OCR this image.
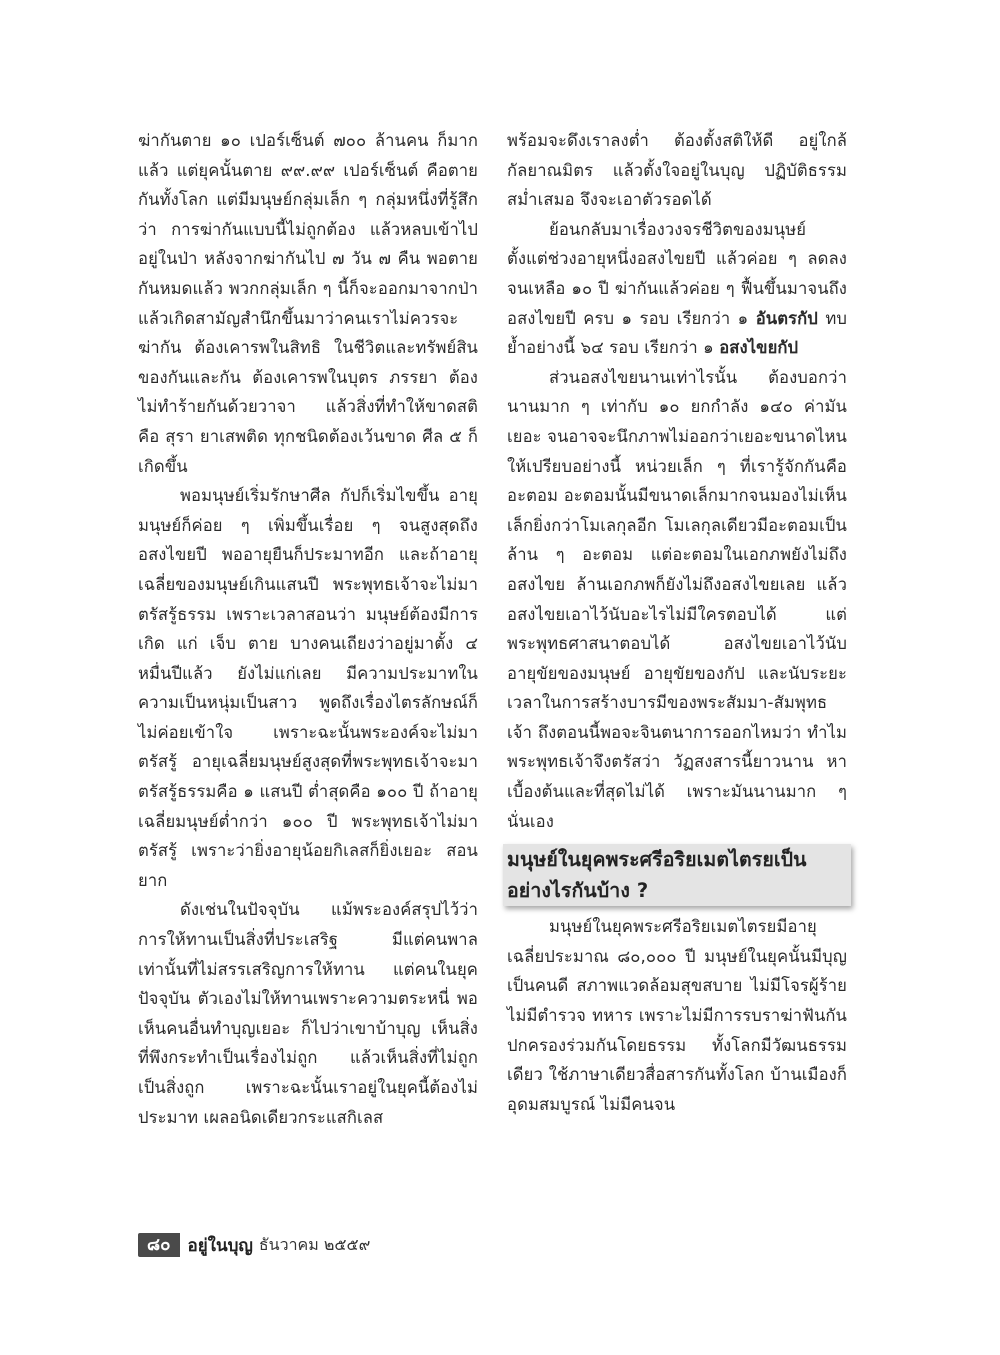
ฆ่ากันตาย ๑๐ เปอร์เซ็นต์ ๗๐๐ ล้านคน ก็มากแล้ว แต่ยุคนั้นตาย ๙๙.๙๙ เปอร์เซ็นต์ คือตายกันทั้งโลก แต่มีมนุษย์กลุ่มเล็ก ๆ กลุ่มหนึ่งที่รู้สึกว่า การฆ่ากันแบบนี้ไม่ถูกต้อง แล้วหลบเข้าไปอยู่ในป่า หลังจากฆ่ากันไป ๗ วัน ๗ คืน พอตายกันหมดแล้ว พวกกลุ่มเล็ก ๆ นี้ก็จะออกมาจากป่า แล้วเกิดสามัญสำนึกขึ้นมาว่าคนเราไม่ควรจะฆ่ากัน ต้องเคารพในสิทธิ ในชีวิตและทรัพย์สินของกันและกัน ต้องเคารพในบุตร ภรรยา ต้องไม่ทำร้ายกันด้วยวาจา แล้วสิ่งที่ทำให้ขาดสติ คือ สุรา ยาเสพติด ทุกชนิดต้องเว้นขาด ศีล ๕ ก็เกิดขึ้น

พอมนุษย์เริ่มรักษาศีล กัปก็เริ่มไขขึ้น อายุมนุษย์ก็ค่อย ๆ เพิ่มขึ้นเรื่อย ๆ จนสูงสุดถึงอสงไขยปี พออายุยืนก็ประมาทอีก และถ้าอายุเฉลี่ยของมนุษย์เกินแสนปี พระพุทธเจ้าจะไม่มาตรัสรู้ธรรม เพราะเวลาสอนว่า มนุษย์ต้องมีการเกิด แก่ เจ็บ ตาย บางคนเถียงว่าอยู่มาตั้ง ๔ หมื่นปีแล้ว ยังไม่แก่เลย มีความประมาทในความเป็นหนุ่มเป็นสาว พูดถึงเรื่องไตรลักษณ์ก็ไม่ค่อยเข้าใจ เพราะฉะนั้นพระองค์จะไม่มาตรัสรู้ อายุเฉลี่ยมนุษย์สูงสุดที่พระพุทธเจ้าจะมาตรัสรู้ธรรมคือ ๑ แสนปี ต่ำสุดคือ ๑๐๐ ปี ถ้าอายุเฉลี่ยมนุษย์ต่ำกว่า ๑๐๐ ปี พระพุทธเจ้าไม่มาตรัสรู้ เพราะว่ายิ่งอายุน้อยกิเลสก็ยิ่งเยอะ สอนยาก

ดังเช่นในปัจจุบัน แม้พระองค์สรุปไว้ว่า การให้ทานเป็นสิ่งที่ประเสริฐ มีแต่คนพาลเท่านั้นที่ไม่สรรเสริญการให้ทาน แต่คนในยุคปัจจุบัน ตัวเองไม่ให้ทานเพราะความตระหนี่ พอเห็นคนอื่นทำบุญเยอะ ก็ไปว่าเขาบ้าบุญ เห็นสิ่งที่พึงกระทำเป็นเรื่องไม่ถูก แล้วเห็นสิ่งที่ไม่ถูกเป็นสิ่งถูก เพราะฉะนั้นเราอยู่ในยุคนี้ต้องไม่ประมาท เผลอนิดเดียวกระแสกิเลส

พร้อมจะดึงเราลงต่ำ ต้องตั้งสติให้ดี อยู่ใกล้กัลยาณมิตร แล้วตั้งใจอยู่ในบุญ ปฏิบัติธรรมสม่ำเสมอ จึงจะเอาตัวรอดได้

ย้อนกลับมาเรื่องวงจรชีวิตของมนุษย์ ตั้งแต่ช่วงอายุหนึ่งอสงไขยปี แล้วค่อย ๆ ลดลงจนเหลือ ๑๐ ปี ฆ่ากันแล้วค่อย ๆ ฟื้นขึ้นมาจนถึงอสงไขยปี ครบ ๑ รอบ เรียกว่า ๑ อันตรกัป ทบย้ำอย่างนี้ ๖๔ รอบ เรียกว่า ๑ อสงไขยกัป

ส่วนอสงไขยนานเท่าไรนั้น ต้องบอกว่านานมาก ๆ เท่ากับ ๑๐ ยกกำลัง ๑๔๐ ค่ามันเยอะ จนอาจจะนึกภาพไม่ออกว่าเยอะขนาดไหน ให้เปรียบอย่างนี้ หน่วยเล็ก ๆ ที่เรารู้จักกันคืออะตอม อะตอมนั้นมีขนาดเล็กมากจนมองไม่เห็น เล็กยิ่งกว่าโมเลกุลอีก โมเลกุลเดียวมีอะตอมเป็นล้าน ๆ อะตอม แต่อะตอมในเอกภพยังไม่ถึงอสงไขย ล้านเอกภพก็ยังไม่ถึงอสงไขยเลย แล้วอสงไขยเอาไว้นับอะไรไม่มีใครตอบได้ แต่พระพุทธศาสนาตอบได้ อสงไขยเอาไว้นับอายุขัยของมนุษย์ อายุขัยของกัป และนับระยะเวลาในการสร้างบารมีของพระสัมมา-สัมพุทธเจ้า ถึงตอนนี้พอจะจินตนาการออกไหมว่า ทำไมพระพุทธเจ้าจึงตรัสว่า วัฏสงสารนี้ยาวนาน หาเบื้องต้นและที่สุดไม่ได้ เพราะมันนานมาก ๆ นั่นเอง

มนุษย์ในยุคพระศรีอริยเมตไตรยเป็น
อย่างไรกันบ้าง ?

มนุษย์ในยุคพระศรีอริยเมตไตรยมีอายุเฉลี่ยประมาณ ๘๐,๐๐๐ ปี มนุษย์ในยุคนั้นมีบุญ เป็นคนดี สภาพแวดล้อมสุขสบาย ไม่มีโจรผู้ร้าย ไม่มีตำรวจ ทหาร เพราะไม่มีการรบราฆ่าฟันกัน ปกครองร่วมกันโดยธรรม ทั้งโลกมีวัฒนธรรมเดียว ใช้ภาษาเดียวสื่อสารกันทั้งโลก บ้านเมืองก็อุดมสมบูรณ์ ไม่มีคนจน

๘๐	อยู่ในบุญ ธันวาคม ๒๕๕๙
